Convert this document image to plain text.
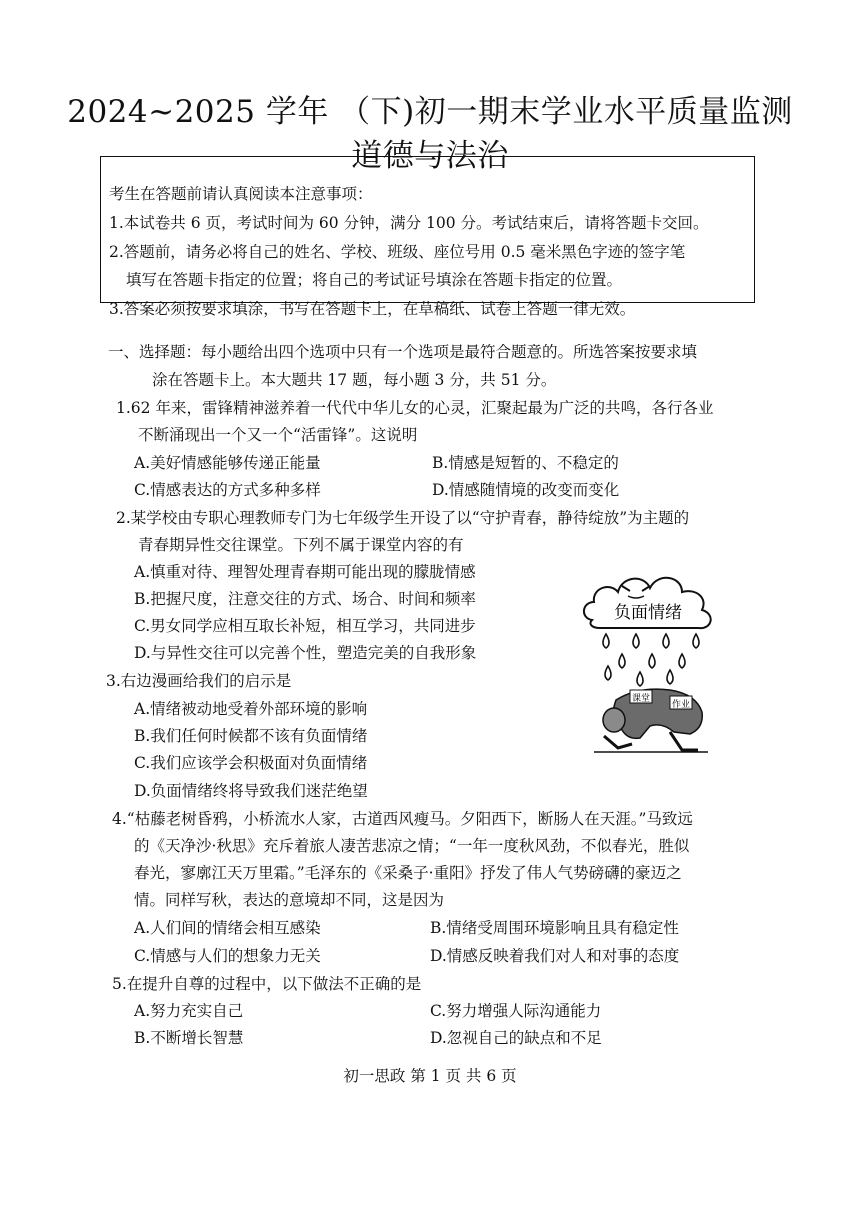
2024~2025 学年 （下)初一期末学业水平质量监测
道德与法治
考生在答题前请认真阅读本注意事项：
1.本试卷共 6 页，考试时间为 60 分钟，满分 100 分。考试结束后，请将答题卡交回。
2.答题前，请务必将自己的姓名、学校、班级、座位号用 0.5 毫米黑色字迹的签字笔
填写在答题卡指定的位置；将自己的考试证号填涂在答题卡指定的位置。
3.答案必须按要求填涂，书写在答题卡上，在草稿纸、试卷上答题一律无效。
一、选择题：每小题给出四个选项中只有一个选项是最符合题意的。所选答案按要求填
涂在答题卡上。本大题共 17 题，每小题 3 分，共 51 分。
1.62 年来，雷锋精神滋养着一代代中华儿女的心灵，汇聚起最为广泛的共鸣，各行各业
不断涌现出一个又一个“活雷锋”。这说明
A.美好情感能够传递正能量	B.情感是短暂的、不稳定的
C.情感表达的方式多种多样	D.情感随情境的改变而变化
2.某学校由专职心理教师专门为七年级学生开设了以“守护青春，静待绽放”为主题的
青春期异性交往课堂。下列不属于课堂内容的有
A.慎重对待、理智处理青春期可能出现的朦胧情感
B.把握尺度，注意交往的方式、场合、时间和频率
C.男女同学应相互取长补短，相互学习，共同进步
D.与异性交往可以完善个性，塑造完美的自我形象
3.右边漫画给我们的启示是
A.情绪被动地受着外部环境的影响
B.我们任何时候都不该有负面情绪
C.我们应该学会积极面对负面情绪
D.负面情绪终将导致我们迷茫绝望
负面情绪
课堂
作业
4.“枯藤老树昏鸦，小桥流水人家，古道西风瘦马。夕阳西下，断肠人在天涯。”马致远
的《天净沙·秋思》充斥着旅人凄苦悲凉之情；“一年一度秋风劲，不似春光，胜似
春光，寥廓江天万里霜。”毛泽东的《采桑子·重阳》抒发了伟人气势磅礴的豪迈之
情。同样写秋，表达的意境却不同，这是因为
A.人们间的情绪会相互感染	B.情绪受周围环境影响且具有稳定性
C.情感与人们的想象力无关	D.情感反映着我们对人和对事的态度
5.在提升自尊的过程中，以下做法不正确的是
A.努力充实自己	C.努力增强人际沟通能力
B.不断增长智慧	D.忽视自己的缺点和不足
初一思政 第 1 页 共 6 页
